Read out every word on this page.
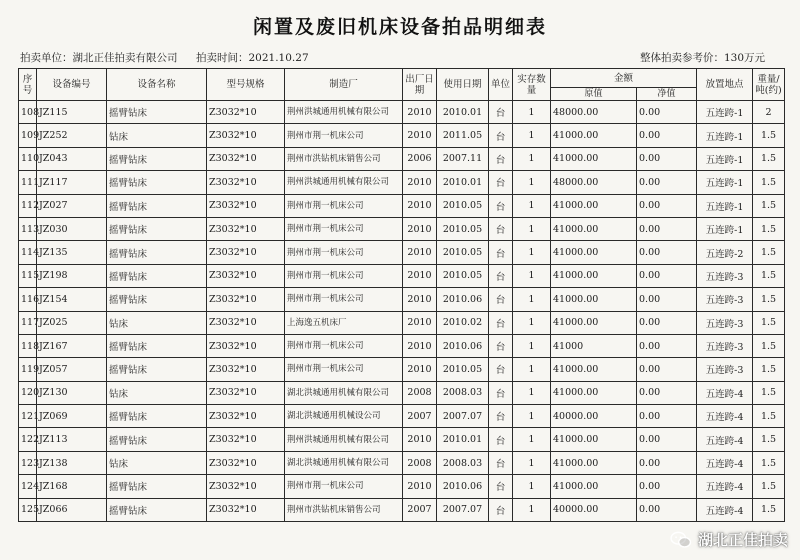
闲置及废旧机床设备拍品明细表
拍卖单位：湖北正佳拍卖有限公司 拍卖时间：2021.10.27	整体拍卖参考价：130万元
序号	设备编号	设备名称	型号规格	制造厂	出厂日期	使用日期	单位	实存数量	金额		放置地点	重量/吨(约)
									原值	净值		
108	JZ115	摇臂钻床	Z3032*10	荆州洪城通用机械有限公司	2010	2010.01	台	1	48000.00	0.00	五连跨-1	2
109	JZ252	钻床	Z3032*10	荆州市荆一机床公司	2010	2011.05	台	1	41000.00	0.00	五连跨-1	1.5
110	JZ043	摇臂钻床	Z3032*10	荆州市洪钻机床销售公司	2006	2007.11	台	1	41000.00	0.00	五连跨-1	1.5
111	JZ117	摇臂钻床	Z3032*10	荆州洪城通用机械有限公司	2010	2010.01	台	1	48000.00	0.00	五连跨-1	1.5
112	JZ027	摇臂钻床	Z3032*10	荆州市荆一机床公司	2010	2010.05	台	1	41000.00	0.00	五连跨-1	1.5
113	JZ030	摇臂钻床	Z3032*10	荆州市荆一机床公司	2010	2010.05	台	1	41000.00	0.00	五连跨-1	1.5
114	JZ135	摇臂钻床	Z3032*10	荆州市荆一机床公司	2010	2010.05	台	1	41000.00	0.00	五连跨-2	1.5
115	JZ198	摇臂钻床	Z3032*10	荆州市荆一机床公司	2010	2010.05	台	1	41000.00	0.00	五连跨-3	1.5
116	JZ154	摇臂钻床	Z3032*10	荆州市荆一机床公司	2010	2010.06	台	1	41000.00	0.00	五连跨-3	1.5
117	JZ025	钻床	Z3032*10	上海逸五机床厂	2010	2010.02	台	1	41000.00	0.00	五连跨-3	1.5
118	JZ167	摇臂钻床	Z3032*10	荆州市荆一机床公司	2010	2010.06	台	1	41000	0.00	五连跨-3	1.5
119	JZ057	摇臂钻床	Z3032*10	荆州市荆一机床公司	2010	2010.05	台	1	41000.00	0.00	五连跨-3	1.5
120	JZ130	钻床	Z3032*10	湖北洪城通用机械有限公司	2008	2008.03	台	1	41000.00	0.00	五连跨-4	1.5
121	JZ069	摇臂钻床	Z3032*10	湖北洪城通用机械设公司	2007	2007.07	台	1	40000.00	0.00	五连跨-4	1.5
122	JZ113	摇臂钻床	Z3032*10	荆州洪城通用机械有限公司	2010	2010.01	台	1	41000.00	0.00	五连跨-4	1.5
123	JZ138	钻床	Z3032*10	湖北洪城通用机械有限公司	2008	2008.03	台	1	41000.00	0.00	五连跨-4	1.5
124	JZ168	摇臂钻床	Z3032*10	荆州市荆一机床公司	2010	2010.06	台	1	41000.00	0.00	五连跨-4	1.5
125	JZ066	摇臂钻床	Z3032*10	荆州市洪钻机床销售公司	2007	2007.07	台	1	40000.00	0.00	五连跨-4	1.5
湖北正佳拍卖
